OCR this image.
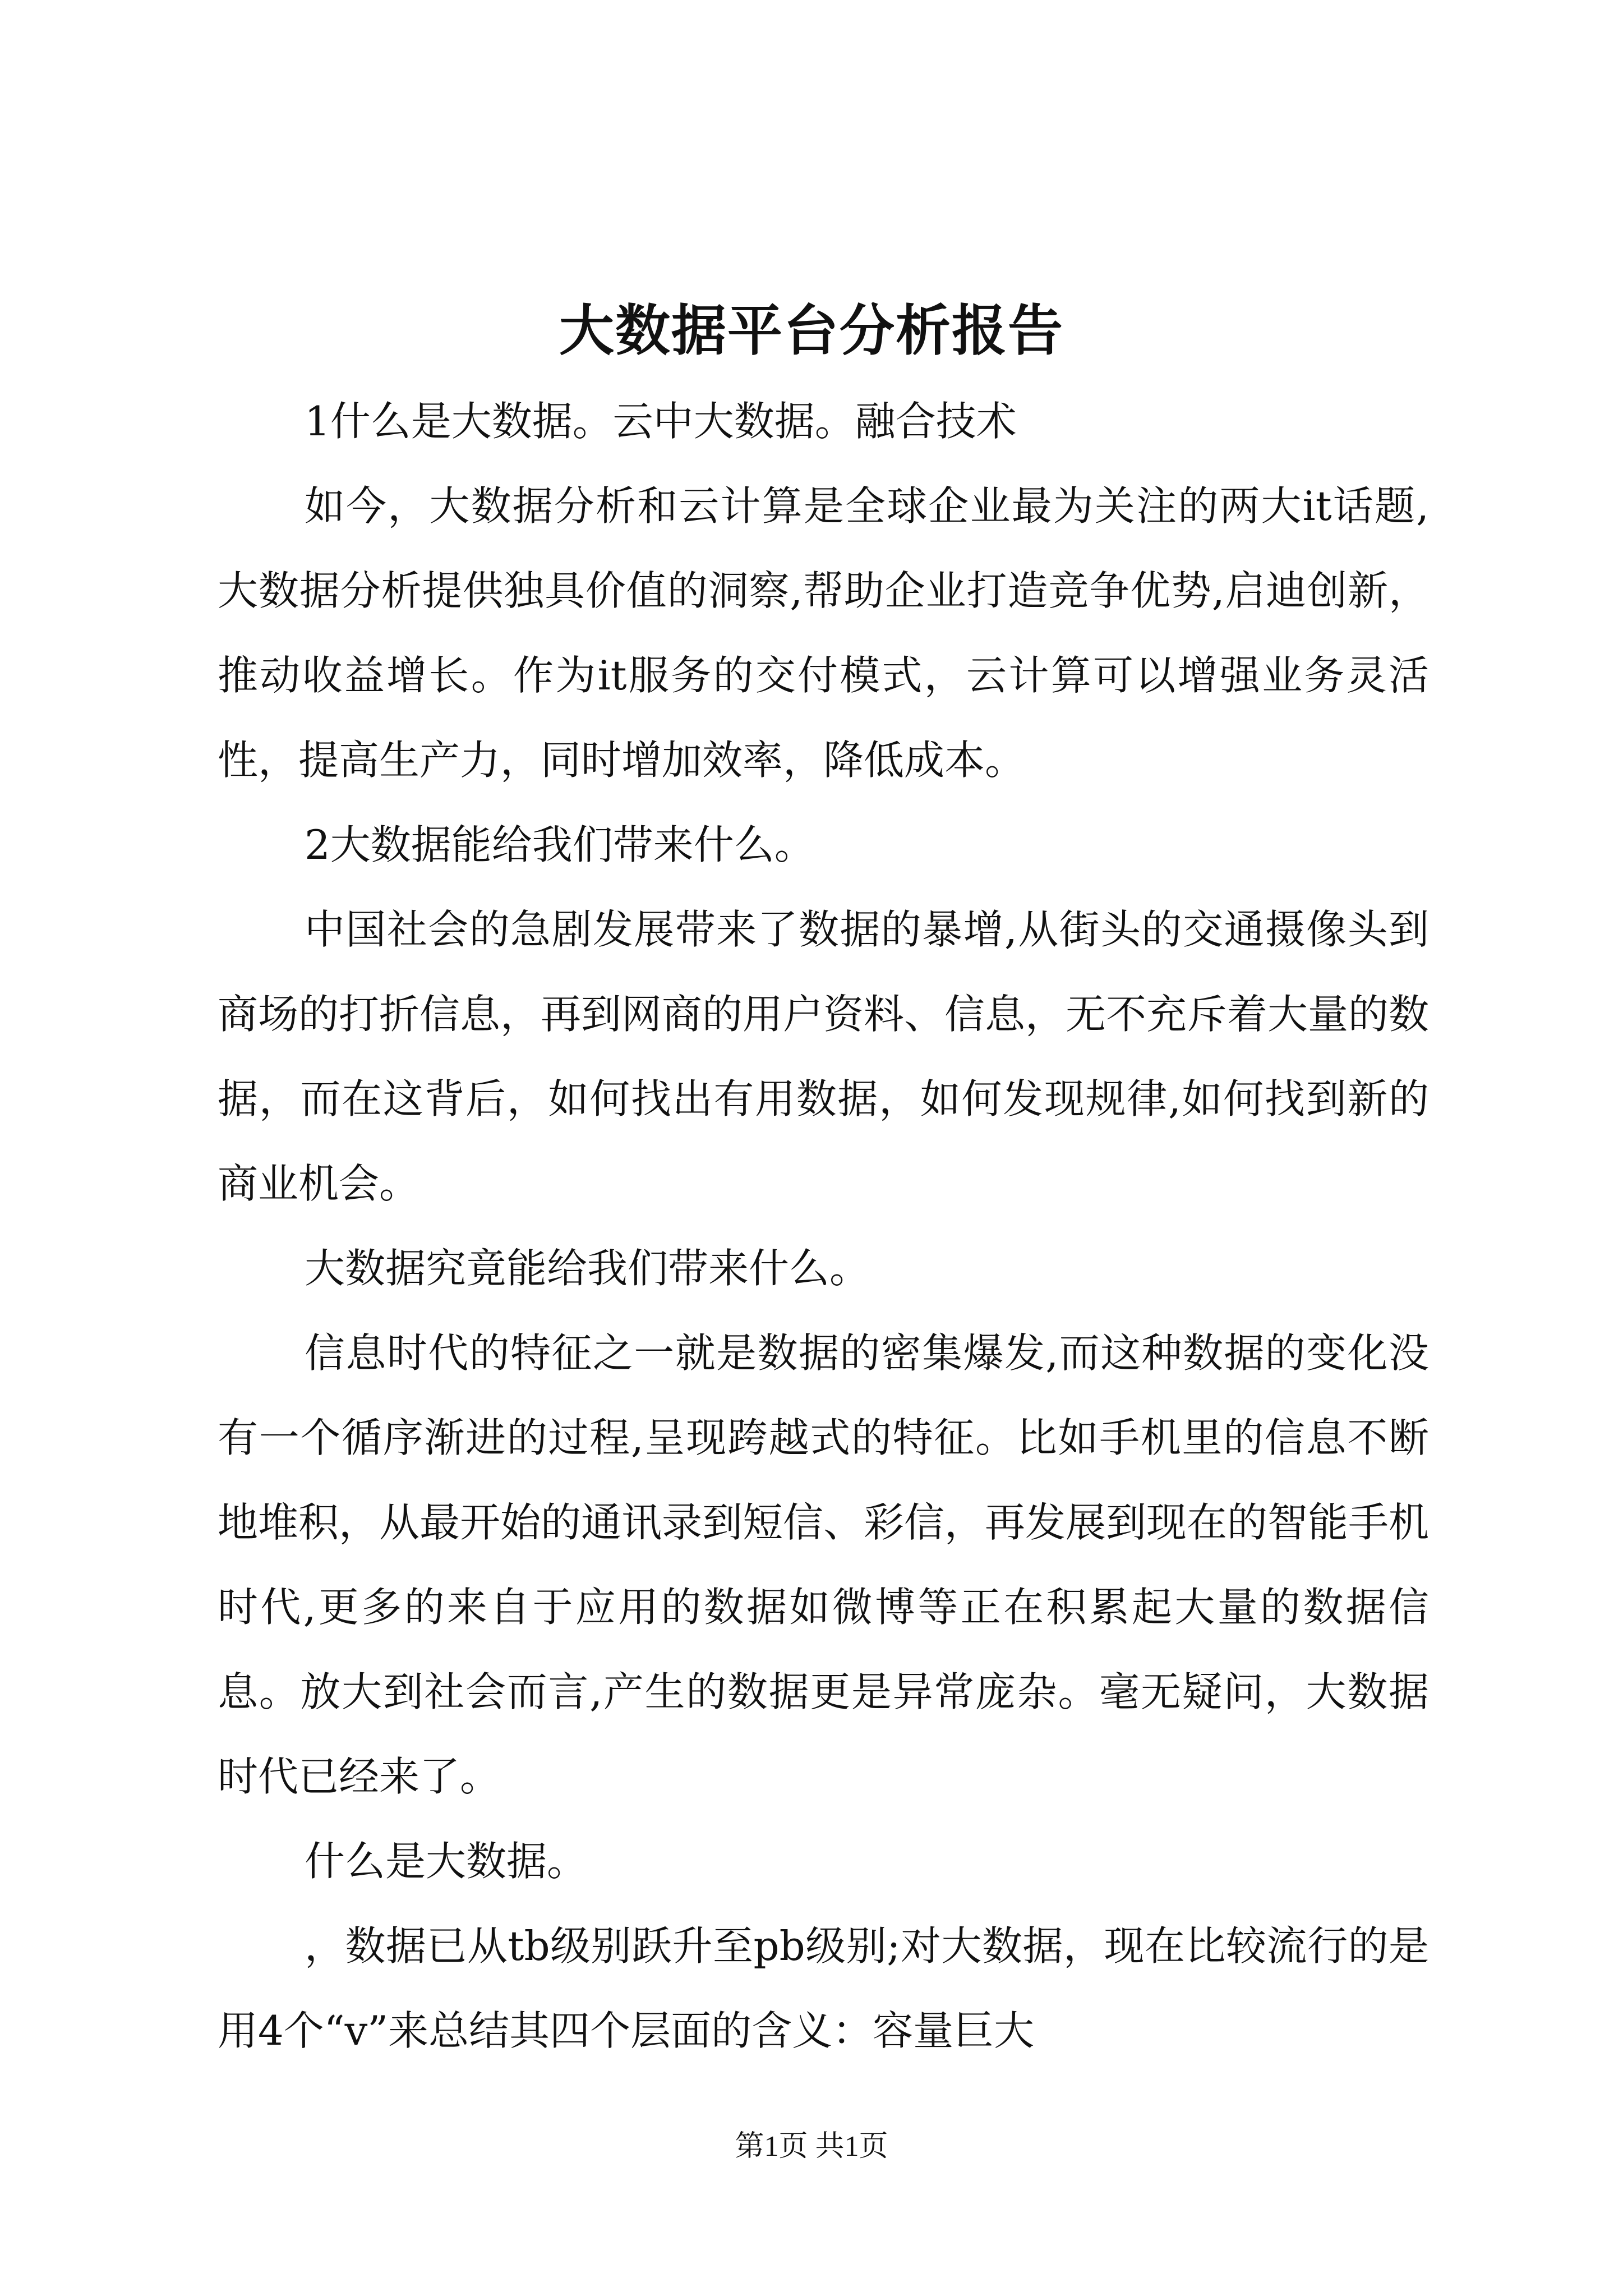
大数据平台分析报告

1什么是大数据。云中大数据。融合技术

如今，大数据分析和云计算是全球企业最为关注的两大it话题,大数据分析提供独具价值的洞察,帮助企业打造竞争优势,启迪创新，推动收益增长。作为it服务的交付模式，云计算可以增强业务灵活性，提高生产力，同时增加效率，降低成本。

2大数据能给我们带来什么。

中国社会的急剧发展带来了数据的暴增,从街头的交通摄像头到商场的打折信息，再到网商的用户资料、信息，无不充斥着大量的数据，而在这背后，如何找出有用数据，如何发现规律,如何找到新的商业机会。

大数据究竟能给我们带来什么。

信息时代的特征之一就是数据的密集爆发,而这种数据的变化没有一个循序渐进的过程,呈现跨越式的特征。比如手机里的信息不断地堆积，从最开始的通讯录到短信、彩信，再发展到现在的智能手机时代,更多的来自于应用的数据如微博等正在积累起大量的数据信息。放大到社会而言,产生的数据更是异常庞杂。毫无疑问，大数据时代已经来了。

什么是大数据。

，数据已从tb级别跃升至pb级别;对大数据，现在比较流行的是用4个“v”来总结其四个层面的含义：容量巨大

第1页 共1页
